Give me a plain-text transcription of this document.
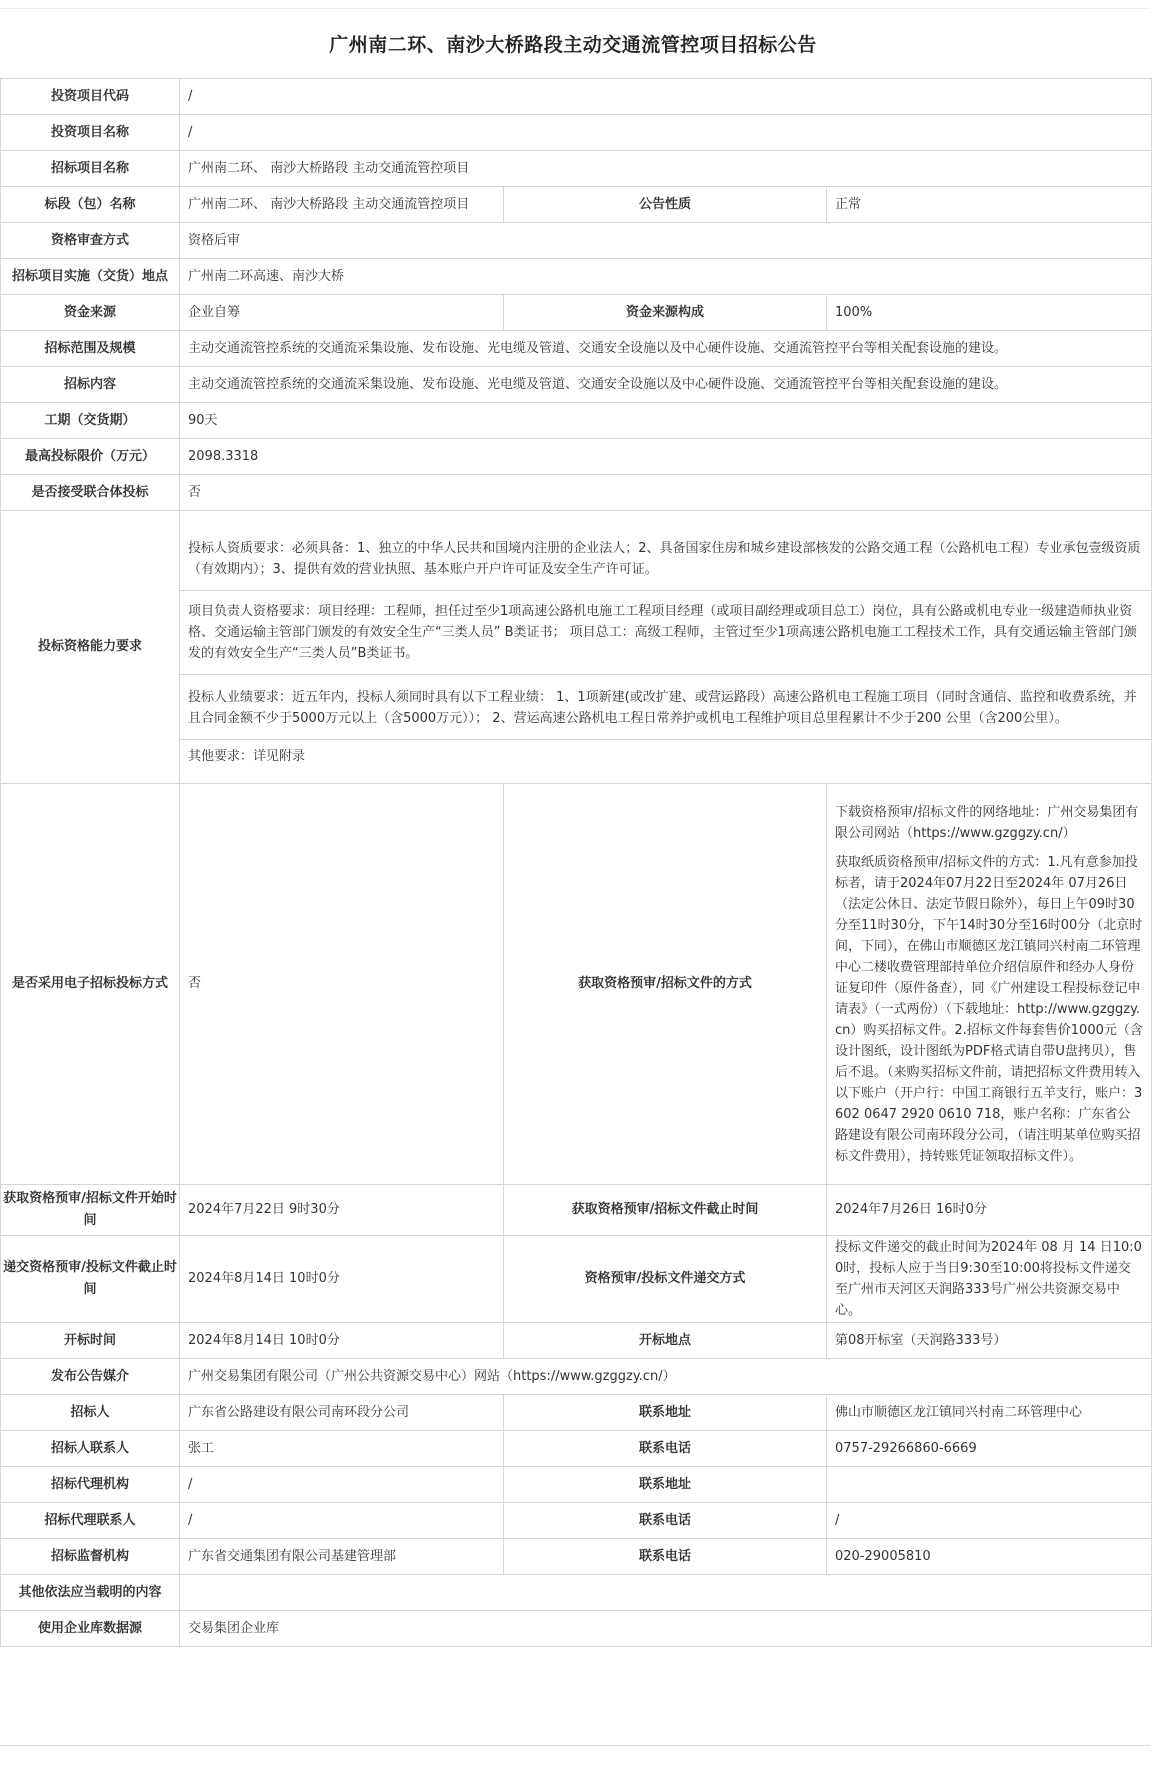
广州南二环、南沙大桥路段主动交通流管控项目招标公告
投资项目代码	/		
投资项目名称	/		
招标项目名称	广州南二环、 南沙大桥路段 主动交通流管控项目		
标段（包）名称	广州南二环、 南沙大桥路段 主动交通流管控项目	公告性质	正常
资格审查方式	资格后审		
招标项目实施（交货）地点	广州南二环高速、南沙大桥		
资金来源	企业自筹	资金来源构成	100%
招标范围及规模	主动交通流管控系统的交通流采集设施、发布设施、光电缆及管道、交通安全设施以及中心硬件设施、交通流管控平台等相关配套设施的建设。		
招标内容	主动交通流管控系统的交通流采集设施、发布设施、光电缆及管道、交通安全设施以及中心硬件设施、交通流管控平台等相关配套设施的建设。		
工期（交货期）	90天		
最高投标限价（万元）	2098.3318		
是否接受联合体投标	否		
投标资格能力要求	投标人资质要求：必须具备：1、独立的中华人民共和国境内注册的企业法人；2、具备国家住房和城乡建设部核发的公路交通工程（公路机电工程）专业承包壹级资质（有效期内）；3、提供有效的营业执照、基本账户开户许可证及安全生产许可证。
项目负责人资格要求：项目经理：工程师，担任过至少1项高速公路机电施工工程项目经理（或项目副经理或项目总工）岗位，具有公路或机电专业一级建造师执业资格、交通运输主管部门颁发的有效安全生产“三类人员” B类证书； 项目总工：高级工程师，主管过至少1项高速公路机电施工工程技术工作，具有交通运输主管部门颁发的有效安全生产“三类人员”B类证书。
投标人业绩要求：近五年内，投标人须同时具有以下工程业绩： 1、1项新建(或改扩建、或营运路段）高速公路机电工程施工项目（同时含通信、监控和收费系统，并且合同金额不少于5000万元以上（含5000万元））； 2、营运高速公路机电工程日常养护或机电工程维护项目总里程累计不少于200 公里（含200公里）。
其他要求：详见附录		

是否采用电子招标投标方式	否	获取资格预审/招标文件的方式	下载资格预审/招标文件的网络地址：广州交易集团有限公司网站（https://www.gzggzy.cn/）

获取纸质资格预审/招标文件的方式：1.凡有意参加投标者，请于2024年07月22日至2024年 07月26日（法定公休日、法定节假日除外），每日上午09时30分至11时30分，下午14时30分至16时00分（北京时间，下同），在佛山市顺德区龙江镇同兴村南二环管理中心二楼收费管理部持单位介绍信原件和经办人身份证复印件（原件备查），同《广州建设工程投标登记申请表》（一式两份）（下载地址：http://www.gzggzy.cn）购买招标文件。2.招标文件每套售价1000元（含设计图纸，设计图纸为PDF格式请自带U盘拷贝），售后不退。（来购买招标文件前，请把招标文件费用转入以下账户（开户行：中国工商银行五羊支行，账户：3602 0647 2920 0610 718，账户名称：广东省公路建设有限公司南环段分公司，（请注明某单位购买招标文件费用），持转账凭证领取招标文件）。

获取资格预审/招标文件开始时间	2024年7月22日 9时30分	获取资格预审/招标文件截止时间	2024年7月26日 16时0分
递交资格预审/投标文件截止时间	2024年8月14日 10时0分	资格预审/投标文件递交方式	投标文件递交的截止时间为2024年 08 月 14 日10:00时，投标人应于当日9:30至10:00将投标文件递交至广州市天河区天润路333号广州公共资源交易中心。
开标时间	2024年8月14日 10时0分	开标地点	第08开标室（天润路333号）
发布公告媒介	广州交易集团有限公司（广州公共资源交易中心）网站（https://www.gzggzy.cn/）		
招标人	广东省公路建设有限公司南环段分公司	联系地址	佛山市顺德区龙江镇同兴村南二环管理中心
招标人联系人	张工	联系电话	0757-29266860-6669
招标代理机构	/	联系地址	
招标代理联系人	/	联系电话	/
招标监督机构	广东省交通集团有限公司基建管理部	联系电话	020-29005810
其他依法应当载明的内容			
使用企业库数据源	交易集团企业库		
